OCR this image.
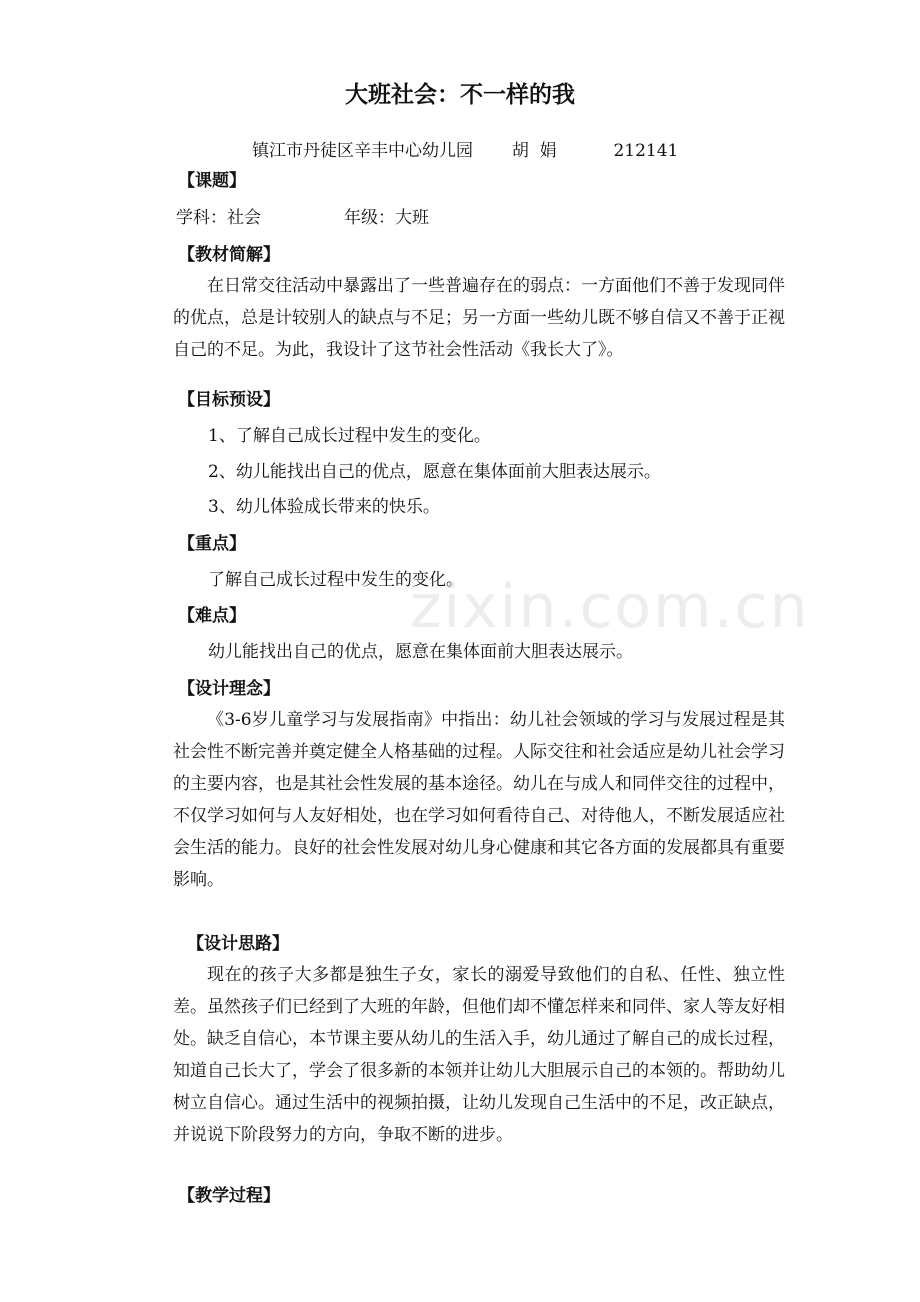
大班社会：不一样的我
镇江市丹徒区辛丰中心幼儿园 胡  娟	212141
【课题】
学科：社会	年级：大班
【教材简解】
在日常交往活动中暴露出了一些普遍存在的弱点：一方面他们不善于发现同伴的优点，总是计较别人的缺点与不足；另一方面一些幼儿既不够自信又不善于正视自己的不足。为此，我设计了这节社会性活动《我长大了》。
【目标预设】
1、了解自己成长过程中发生的变化。
2、幼儿能找出自己的优点，愿意在集体面前大胆表达展示。
3、幼儿体验成长带来的快乐。
【重点】
了解自己成长过程中发生的变化。
【难点】
幼儿能找出自己的优点，愿意在集体面前大胆表达展示。
【设计理念】
《3-6岁儿童学习与发展指南》中指出：幼儿社会领域的学习与发展过程是其社会性不断完善并奠定健全人格基础的过程。人际交往和社会适应是幼儿社会学习的主要内容，也是其社会性发展的基本途径。幼儿在与成人和同伴交往的过程中，不仅学习如何与人友好相处，也在学习如何看待自己、对待他人，不断发展适应社会生活的能力。良好的社会性发展对幼儿身心健康和其它各方面的发展都具有重要影响。
【设计思路】
现在的孩子大多都是独生子女，家长的溺爱导致他们的自私、任性、独立性差。虽然孩子们已经到了大班的年龄，但他们却不懂怎样来和同伴、家人等友好相处。缺乏自信心，本节课主要从幼儿的生活入手，幼儿通过了解自己的成长过程，知道自己长大了，学会了很多新的本领并让幼儿大胆展示自己的本领的。帮助幼儿树立自信心。通过生活中的视频拍摄，让幼儿发现自己生活中的不足，改正缺点，并说说下阶段努力的方向，争取不断的进步。
【教学过程】
zixin.com.cn
